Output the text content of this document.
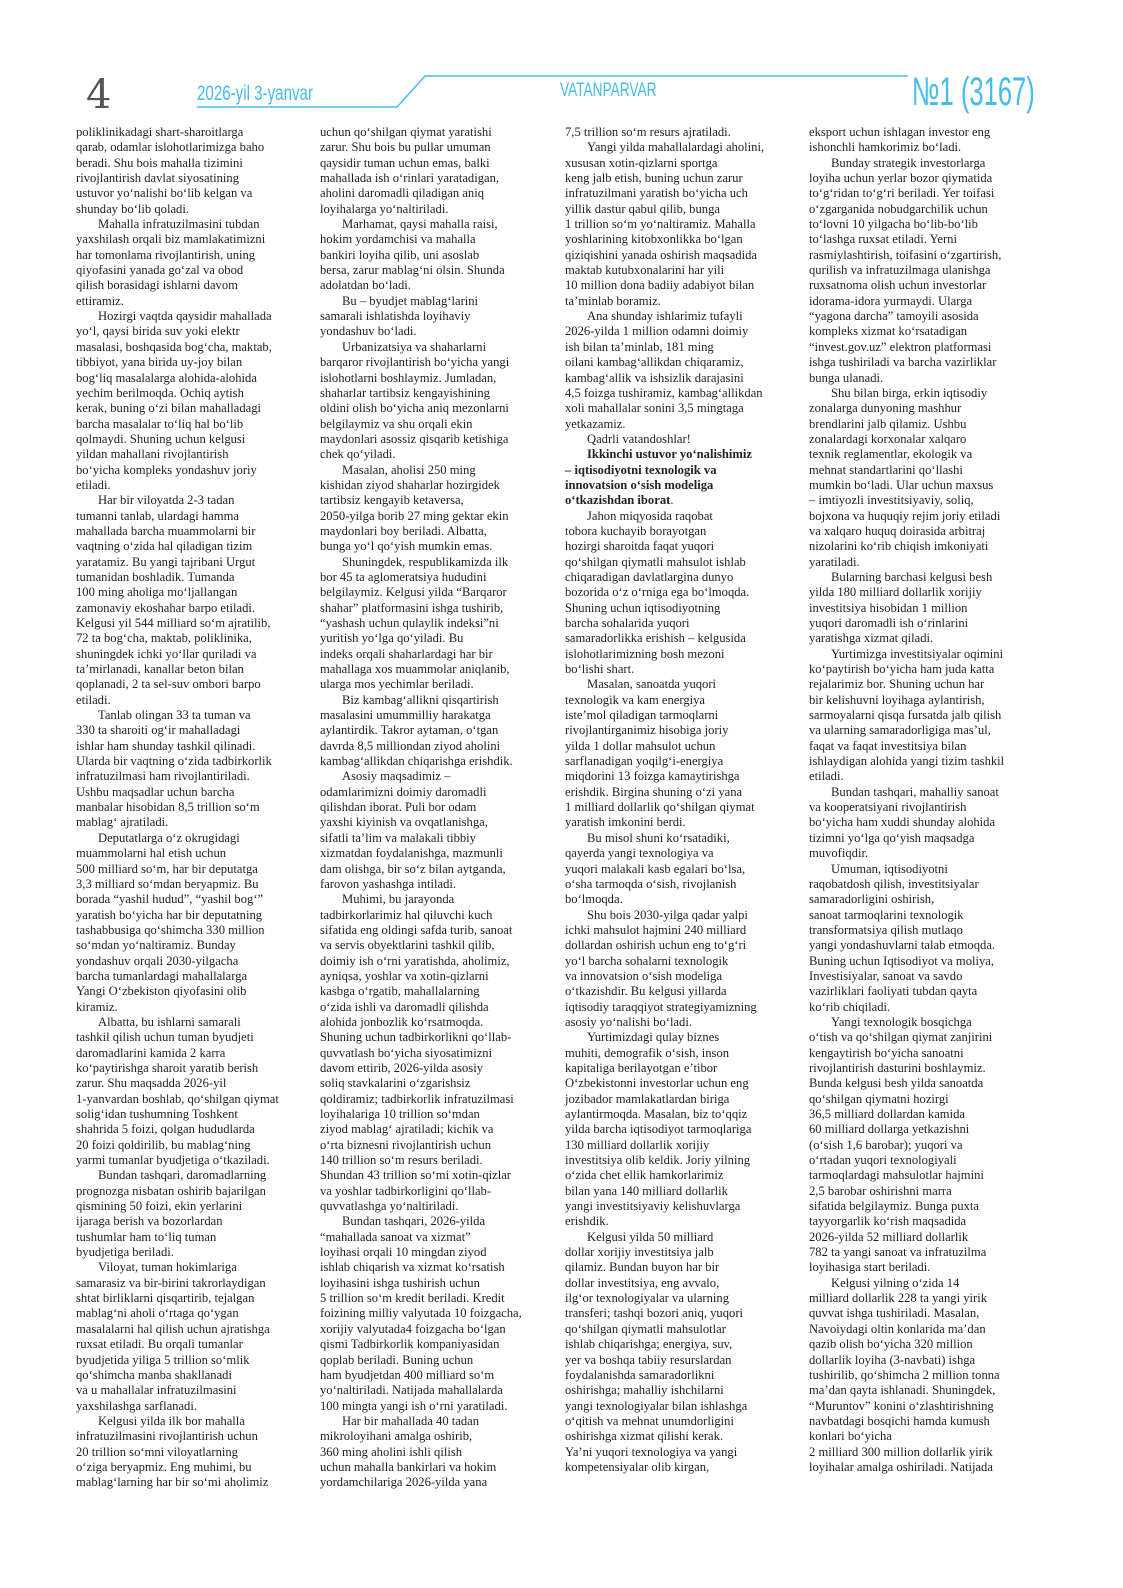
4	2026-yil 3-yanvar	VATANPARVAR	№1 (3167)

poliklinikadagi shart-sharoitlarga
qarab, odamlar islohotlarimizga baho
beradi. Shu bois mahalla tizimini
rivojlantirish davlat siyosatining
ustuvor yo‘nalishi bo‘lib kelgan va
shunday bo‘lib qoladi.

Mahalla infratuzilmasini tubdan
yaxshilash orqali biz mamlakatimizni
har tomonlama rivojlantirish, uning
qiyofasini yanada go‘zal va obod
qilish borasidagi ishlarni davom
ettiramiz.

Hozirgi vaqtda qaysidir mahallada
yo‘l, qaysi birida suv yoki elektr
masalasi, boshqasida bog‘cha, maktab,
tibbiyot, yana birida uy-joy bilan
bog‘liq masalalarga alohida-alohida
yechim berilmoqda. Ochiq aytish
kerak, buning o‘zi bilan mahalladagi
barcha masalalar to‘liq hal bo‘lib
qolmaydi. Shuning uchun kelgusi
yildan mahallani rivojlantirish
bo‘yicha kompleks yondashuv joriy
etiladi.

Har bir viloyatda 2-3 tadan
tumanni tanlab, ulardagi hamma
mahallada barcha muammolarni bir
vaqtning o‘zida hal qiladigan tizim
yaratamiz. Bu yangi tajribani Urgut
tumanidan boshladik. Tumanda
100 ming aholiga mo‘ljallangan
zamonaviy ekoshahar barpo etiladi.
Kelgusi yil 544 milliard so‘m ajratilib,
72 ta bog‘cha, maktab, poliklinika,
shuningdek ichki yo‘llar quriladi va
ta’mirlanadi, kanallar beton bilan
qoplanadi, 2 ta sel-suv ombori barpo
etiladi.

Tanlab olingan 33 ta tuman va
330 ta sharoiti og‘ir mahalladagi
ishlar ham shunday tashkil qilinadi.
Ularda bir vaqtning o‘zida tadbirkorlik
infratuzilmasi ham rivojlantiriladi.
Ushbu maqsadlar uchun barcha
manbalar hisobidan 8,5 trillion so‘m
mablag‘ ajratiladi.

Deputatlarga o‘z okrugidagi
muammolarni hal etish uchun
500 milliard so‘m, har bir deputatga
3,3 milliard so‘mdan beryapmiz. Bu
borada “yashil hudud”, “yashil bog‘”
yaratish bo‘yicha har bir deputatning
tashabbusiga qo‘shimcha 330 million
so‘mdan yo‘naltiramiz. Bunday
yondashuv orqali 2030-yilgacha
barcha tumanlardagi mahallalarga
Yangi O‘zbekiston qiyofasini olib
kiramiz.

Albatta, bu ishlarni samarali
tashkil qilish uchun tuman byudjeti
daromadlarini kamida 2 karra
ko‘paytirishga sharoit yaratib berish
zarur. Shu maqsadda 2026-yil
1-yanvardan boshlab, qo‘shilgan qiymat
solig‘idan tushumning Toshkent
shahrida 5 foizi, qolgan hududlarda
20 foizi qoldirilib, bu mablag‘ning
yarmi tumanlar byudjetiga o‘tkaziladi.

Bundan tashqari, daromadlarning
prognozga nisbatan oshirib bajarilgan
qismining 50 foizi, ekin yerlarini
ijaraga berish va bozorlardan
tushumlar ham to‘liq tuman
byudjetiga beriladi.

Viloyat, tuman hokimlariga
samarasiz va bir-birini takrorlaydigan
shtat birliklarni qisqartirib, tejalgan
mablag‘ni aholi o‘rtaga qo‘ygan
masalalarni hal qilish uchun ajratishga
ruxsat etiladi. Bu orqali tumanlar
byudjetida yiliga 5 trillion so‘mlik
qo‘shimcha manba shakllanadi
va u mahallalar infratuzilmasini
yaxshilashga sarflanadi.

Kelgusi yilda ilk bor mahalla
infratuzilmasini rivojlantirish uchun
20 trillion so‘mni viloyatlarning
o‘ziga beryapmiz. Eng muhimi, bu
mablag‘larning har bir so‘mi aholimiz

uchun qo‘shilgan qiymat yaratishi
zarur. Shu bois bu pullar umuman
qaysidir tuman uchun emas, balki
mahallada ish o‘rinlari yaratadigan,
aholini daromadli qiladigan aniq
loyihalarga yo‘naltiriladi.

Marhamat, qaysi mahalla raisi,
hokim yordamchisi va mahalla
bankiri loyiha qilib, uni asoslab
bersa, zarur mablag‘ni olsin. Shunda
adolatdan bo‘ladi.

Bu – byudjet mablag‘larini
samarali ishlatishda loyihaviy
yondashuv bo‘ladi.

Urbanizatsiya va shaharlarni
barqaror rivojlantirish bo‘yicha yangi
islohotlarni boshlaymiz. Jumladan,
shaharlar tartibsiz kengayishining
oldini olish bo‘yicha aniq mezonlarni
belgilaymiz va shu orqali ekin
maydonlari asossiz qisqarib ketishiga
chek qo‘yiladi.

Masalan, aholisi 250 ming
kishidan ziyod shaharlar hozirgidek
tartibsiz kengayib ketaversa,
2050-yilga borib 27 ming gektar ekin
maydonlari boy beriladi. Albatta,
bunga yo‘l qo‘yish mumkin emas.

Shuningdek, respublikamizda ilk
bor 45 ta aglomeratsiya hududini
belgilaymiz. Kelgusi yilda “Barqaror
shahar” platformasini ishga tushirib,
“yashash uchun qulaylik indeksi”ni
yuritish yo‘lga qo‘yiladi. Bu
indeks orqali shaharlardagi har bir
mahallaga xos muammolar aniqlanib,
ularga mos yechimlar beriladi.

Biz kambag‘allikni qisqartirish
masalasini umummilliy harakatga
aylantirdik. Takror aytaman, o‘tgan
davrda 8,5 milliondan ziyod aholini
kambag‘allikdan chiqarishga erishdik.

Asosiy maqsadimiz –
odamlarimizni doimiy daromadli
qilishdan iborat. Puli bor odam
yaxshi kiyinish va ovqatlanishga,
sifatli ta’lim va malakali tibbiy
xizmatdan foydalanishga, mazmunli
dam olishga, bir so‘z bilan aytganda,
farovon yashashga intiladi.

Muhimi, bu jarayonda
tadbirkorlarimiz hal qiluvchi kuch
sifatida eng oldingi safda turib, sanoat
va servis obyektlarini tashkil qilib,
doimiy ish o‘rni yaratishda, aholimiz,
ayniqsa, yoshlar va xotin-qizlarni
kasbga o‘rgatib, mahallalarning
o‘zida ishli va daromadli qilishda
alohida jonbozlik ko‘rsatmoqda.
Shuning uchun tadbirkorlikni qo‘llab-
quvvatlash bo‘yicha siyosatimizni
davom ettirib, 2026-yilda asosiy
soliq stavkalarini o‘zgarishsiz
qoldiramiz; tadbirkorlik infratuzilmasi
loyihalariga 10 trillion so‘mdan
ziyod mablag‘ ajratiladi; kichik va
o‘rta biznesni rivojlantirish uchun
140 trillion so‘m resurs beriladi.
Shundan 43 trillion so‘mi xotin-qizlar
va yoshlar tadbirkorligini qo‘llab-
quvvatlashga yo‘naltiriladi.

Bundan tashqari, 2026-yilda
“mahallada sanoat va xizmat”
loyihasi orqali 10 mingdan ziyod
ishlab chiqarish va xizmat ko‘rsatish
loyihasini ishga tushirish uchun
5 trillion so‘m kredit beriladi. Kredit
foizining milliy valyutada 10 foizgacha,
xorijiy valyutada4 foizgacha bo‘lgan
qismi Tadbirkorlik kompaniyasidan
qoplab beriladi. Buning uchun
ham byudjetdan 400 milliard so‘m
yo‘naltiriladi. Natijada mahallalarda
100 mingta yangi ish o‘rni yaratiladi.

Har bir mahallada 40 tadan
mikroloyihani amalga oshirib,
360 ming aholini ishli qilish
uchun mahalla bankirlari va hokim
yordamchilariga 2026-yilda yana

7,5 trillion so‘m resurs ajratiladi.

Yangi yilda mahallalardagi aholini,
xususan xotin-qizlarni sportga
keng jalb etish, buning uchun zarur
infratuzilmani yaratish bo‘yicha uch
yillik dastur qabul qilib, bunga
1 trillion so‘m yo‘naltiramiz. Mahalla
yoshlarining kitobxonlikka bo‘lgan
qiziqishini yanada oshirish maqsadida
maktab kutubxonalarini har yili
10 million dona badiiy adabiyot bilan
ta’minlab boramiz.

Ana shunday ishlarimiz tufayli
2026-yilda 1 million odamni doimiy
ish bilan ta’minlab, 181 ming
oilani kambag‘allikdan chiqaramiz,
kambag‘allik va ishsizlik darajasini
4,5 foizga tushiramiz, kambag‘allikdan
xoli mahallalar sonini 3,5 mingtaga
yetkazamiz.

Qadrli vatandoshlar!

Ikkinchi ustuvor yo‘nalishimiz
– iqtisodiyotni texnologik va
innovatsion o‘sish modeliga
o‘tkazishdan iborat.

Jahon miqyosida raqobat
tobora kuchayib borayotgan
hozirgi sharoitda faqat yuqori
qo‘shilgan qiymatli mahsulot ishlab
chiqaradigan davlatlargina dunyo
bozorida o‘z o‘rniga ega bo‘lmoqda.
Shuning uchun iqtisodiyotning
barcha sohalarida yuqori
samaradorlikka erishish – kelgusida
islohotlarimizning bosh mezoni
bo‘lishi shart.

Masalan, sanoatda yuqori
texnologik va kam energiya
iste’mol qiladigan tarmoqlarni
rivojlantirganimiz hisobiga joriy
yilda 1 dollar mahsulot uchun
sarflanadigan yoqilg‘i-energiya
miqdorini 13 foizga kamaytirishga
erishdik. Birgina shuning o‘zi yana
1 milliard dollarlik qo‘shilgan qiymat
yaratish imkonini berdi.

Bu misol shuni ko‘rsatadiki,
qayerda yangi texnologiya va
yuqori malakali kasb egalari bo‘lsa,
o‘sha tarmoqda o‘sish, rivojlanish
bo‘lmoqda.

Shu bois 2030-yilga qadar yalpi
ichki mahsulot hajmini 240 milliard
dollardan oshirish uchun eng to‘g‘ri
yo‘l barcha sohalarni texnologik
va innovatsion o‘sish modeliga
o‘tkazishdir. Bu kelgusi yillarda
iqtisodiy taraqqiyot strategiyamizning
asosiy yo‘nalishi bo‘ladi.

Yurtimizdagi qulay biznes
muhiti, demografik o‘sish, inson
kapitaliga berilayotgan e’tibor
O‘zbekistonni investorlar uchun eng
jozibador mamlakatlardan biriga
aylantirmoqda. Masalan, biz to‘qqiz
yilda barcha iqtisodiyot tarmoqlariga
130 milliard dollarlik xorijiy
investitsiya olib keldik. Joriy yilning
o‘zida chet ellik hamkorlarimiz
bilan yana 140 milliard dollarlik
yangi investitsiyaviy kelishuvlarga
erishdik.

Kelgusi yilda 50 milliard
dollar xorijiy investitsiya jalb
qilamiz. Bundan buyon har bir
dollar investitsiya, eng avvalo,
ilg‘or texnologiyalar va ularning
transferi; tashqi bozori aniq, yuqori
qo‘shilgan qiymatli mahsulotlar
ishlab chiqarishga; energiya, suv,
yer va boshqa tabiiy resurslardan
foydalanishda samaradorlikni
oshirishga; mahalliy ishchilarni
yangi texnologiyalar bilan ishlashga
o‘qitish va mehnat unumdorligini
oshirishga xizmat qilishi kerak.
Ya’ni yuqori texnologiya va yangi
kompetensiyalar olib kirgan,

eksport uchun ishlagan investor eng
ishonchli hamkorimiz bo‘ladi.

Bunday strategik investorlarga
loyiha uchun yerlar bozor qiymatida
to‘g‘ridan to‘g‘ri beriladi. Yer toifasi
o‘zgarganida nobudgarchilik uchun
to‘lovni 10 yilgacha bo‘lib-bo‘lib
to‘lashga ruxsat etiladi. Yerni
rasmiylashtirish, toifasini o‘zgartirish,
qurilish va infratuzilmaga ulanishga
ruxsatnoma olish uchun investorlar
idorama-idora yurmaydi. Ularga
“yagona darcha” tamoyili asosida
kompleks xizmat ko‘rsatadigan
“invest.gov.uz” elektron platformasi
ishga tushiriladi va barcha vazirliklar
bunga ulanadi.

Shu bilan birga, erkin iqtisodiy
zonalarga dunyoning mashhur
brendlarini jalb qilamiz. Ushbu
zonalardagi korxonalar xalqaro
texnik reglamentlar, ekologik va
mehnat standartlarini qo‘llashi
mumkin bo‘ladi. Ular uchun maxsus
– imtiyozli investitsiyaviy, soliq,
bojxona va huquqiy rejim joriy etiladi
va xalqaro huquq doirasida arbitraj
nizolarini ko‘rib chiqish imkoniyati
yaratiladi.

Bularning barchasi kelgusi besh
yilda 180 milliard dollarlik xorijiy
investitsiya hisobidan 1 million
yuqori daromadli ish o‘rinlarini
yaratishga xizmat qiladi.

Yurtimizga investitsiyalar oqimini
ko‘paytirish bo‘yicha ham juda katta
rejalarimiz bor. Shuning uchun har
bir kelishuvni loyihaga aylantirish,
sarmoyalarni qisqa fursatda jalb qilish
va ularning samaradorligiga mas’ul,
faqat va faqat investitsiya bilan
ishlaydigan alohida yangi tizim tashkil
etiladi.

Bundan tashqari, mahalliy sanoat
va kooperatsiyani rivojlantirish
bo‘yicha ham xuddi shunday alohida
tizimni yo‘lga qo‘yish maqsadga
muvofiqdir.

Umuman, iqtisodiyotni
raqobatdosh qilish, investitsiyalar
samaradorligini oshirish,
sanoat tarmoqlarini texnologik
transformatsiya qilish mutlaqo
yangi yondashuvlarni talab etmoqda.
Buning uchun Iqtisodiyot va moliya,
Investisiyalar, sanoat va savdo
vazirliklari faoliyati tubdan qayta
ko‘rib chiqiladi.

Yangi texnologik bosqichga
o‘tish va qo‘shilgan qiymat zanjirini
kengaytirish bo‘yicha sanoatni
rivojlantirish dasturini boshlaymiz.
Bunda kelgusi besh yilda sanoatda
qo‘shilgan qiymatni hozirgi
36,5 milliard dollardan kamida
60 milliard dollarga yetkazishni
(o‘sish 1,6 barobar); yuqori va
o‘rtadan yuqori texnologiyali
tarmoqlardagi mahsulotlar hajmini
2,5 barobar oshirishni marra
sifatida belgilaymiz. Bunga puxta
tayyorgarlik ko‘rish maqsadida
2026-yilda 52 milliard dollarlik
782 ta yangi sanoat va infratuzilma
loyihasiga start beriladi.

Kelgusi yilning o‘zida 14
milliard dollarlik 228 ta yangi yirik
quvvat ishga tushiriladi. Masalan,
Navoiydagi oltin konlarida ma’dan
qazib olish bo‘yicha 320 million
dollarlik loyiha (3-navbati) ishga
tushirilib, qo‘shimcha 2 million tonna
ma’dan qayta ishlanadi. Shuningdek,
“Muruntov” konini o‘zlashtirishning
navbatdagi bosqichi hamda kumush
konlari bo‘yicha
2 milliard 300 million dollarlik yirik
loyihalar amalga oshiriladi. Natijada
